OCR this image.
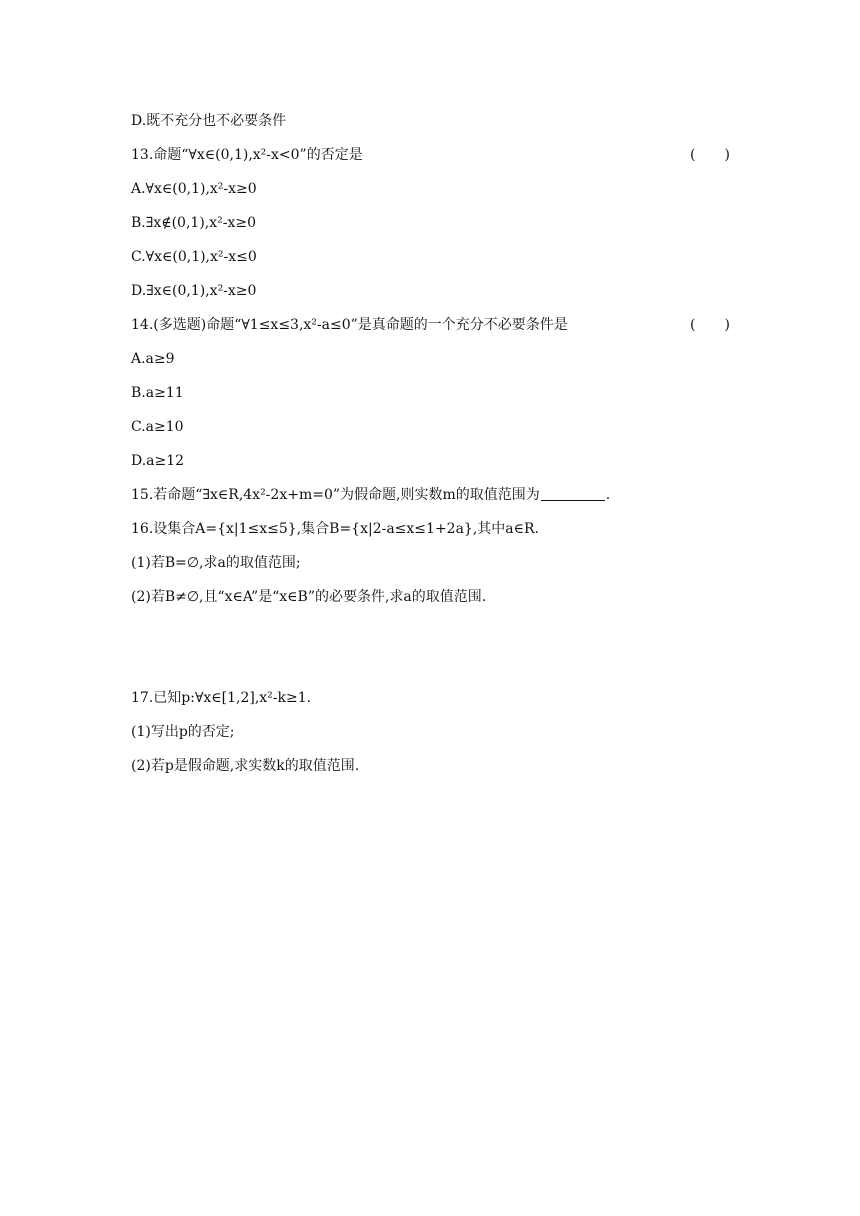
D.既不充分也不必要条件
13.命题“∀x∈(0,1),x²-x<0”的否定是	( )
A.∀x∈(0,1),x²-x≥0
B.∃x∉(0,1),x²-x≥0
C.∀x∈(0,1),x²-x≤0
D.∃x∈(0,1),x²-x≥0
14.(多选题)命题“∀1≤x≤3,x²-a≤0”是真命题的一个充分不必要条件是	( )
A.a≥9
B.a≥11
C.a≥10
D.a≥12
15.若命题“∃x∈R,4x²-2x+m=0”为假命题,则实数m的取值范围为	.
16.设集合A={x|1≤x≤5},集合B={x|2-a≤x≤1+2a},其中a∈R.
(1)若B=∅,求a的取值范围;
(2)若B≠∅,且“x∈A”是“x∈B”的必要条件,求a的取值范围.
17.已知p:∀x∈[1,2],x²-k≥1.
(1)写出p的否定;
(2)若p是假命题,求实数k的取值范围.
